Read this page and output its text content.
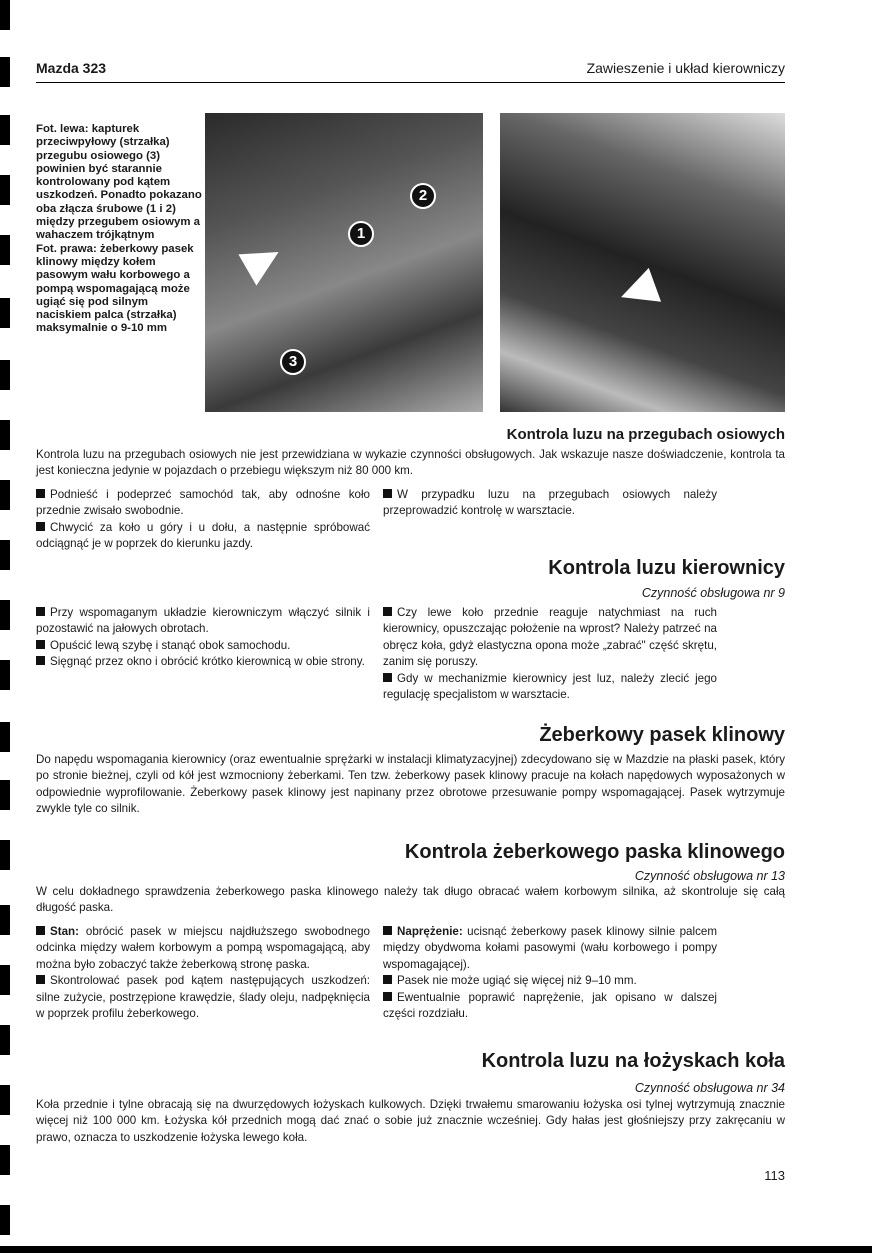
Mazda 323	Zawieszenie i układ kierowniczy

Fot. lewa: kapturek przeciwpyłowy (strzałka) przegubu osiowego (3) powinien być starannie kontrolowany pod kątem uszkodzeń. Ponadto pokazano oba złącza śrubowe (1 i 2) między przegubem osiowym a wahaczem trójkątnym

Fot. prawa: żeberkowy pasek klinowy między kołem pasowym wału korbowego a pompą wspomagającą może ugiąć się pod silnym naciskiem palca (strzałka) maksymalnie o 9-10 mm

1
2
3
Kontrola luzu na przegubach osiowych
Kontrola luzu na przegubach osiowych nie jest przewidziana w wykazie czynności obsługowych. Jak wskazuje nasze doświadczenie, kontrola ta jest konieczna jedynie w pojazdach o przebiegu większym niż 80 000 km.

Podnieść i podeprzeć samochód tak, aby odnośne koło przednie zwisało swobodnie.

Chwycić za koło u góry i u dołu, a następnie spróbować odciągnąć je w poprzek do kierunku jazdy.

W przypadku luzu na przegubach osiowych należy przeprowadzić kontrolę w warsztacie.

Kontrola luzu kierownicy
Czynność obsługowa nr 9

Przy wspomaganym układzie kierowniczym włączyć silnik i pozostawić na jałowych obrotach.

Opuścić lewą szybę i stanąć obok samochodu.

Sięgnąć przez okno i obrócić krótko kierownicą w obie strony.

Czy lewe koło przednie reaguje natychmiast na ruch kierownicy, opuszczając położenie na wprost? Należy patrzeć na obręcz koła, gdyż elastyczna opona może „zabrać" część skrętu, zanim się poruszy.

Gdy w mechanizmie kierownicy jest luz, należy zlecić jego regulację specjalistom w warsztacie.

Żeberkowy pasek klinowy
Do napędu wspomagania kierownicy (oraz ewentualnie sprężarki w instalacji klimatyzacyjnej) zdecydowano się w Mazdzie na płaski pasek, który po stronie bieżnej, czyli od kół jest wzmocniony żeberkami. Ten tzw. żeberkowy pasek klinowy pracuje na kołach napędowych wyposażonych w odpowiednie wyprofilowanie. Żeberkowy pasek klinowy jest napinany przez obrotowe przesuwanie pompy wspomagającej. Pasek wytrzymuje zwykle tyle co silnik.
Kontrola żeberkowego paska klinowego
Czynność obsługowa nr 13
W celu dokładnego sprawdzenia żeberkowego paska klinowego należy tak długo obracać wałem korbowym silnika, aż skontroluje się całą długość paska.

Stan: obrócić pasek w miejscu najdłuższego swobodnego odcinka między wałem korbowym a pompą wspomagającą, aby można było zobaczyć także żeberkową stronę paska.

Skontrolować pasek pod kątem następujących uszkodzeń: silne zużycie, postrzępione krawędzie, ślady oleju, nadpęknięcia w poprzek profilu żeberkowego.

Naprężenie: ucisnąć żeberkowy pasek klinowy silnie palcem między obydwoma kołami pasowymi (wału korbowego i pompy wspomagającej).

Pasek nie może ugiąć się więcej niż 9–10 mm.

Ewentualnie poprawić naprężenie, jak opisano w dalszej części rozdziału.

Kontrola luzu na łożyskach koła
Czynność obsługowa nr 34
Koła przednie i tylne obracają się na dwurzędowych łożyskach kulkowych. Dzięki trwałemu smarowaniu łożyska osi tylnej wytrzymują znacznie więcej niż 100 000 km. Łożyska kół przednich mogą dać znać o sobie już znacznie wcześniej. Gdy hałas jest głośniejszy przy zakręcaniu w prawo, oznacza to uszkodzenie łożyska lewego koła.
113
